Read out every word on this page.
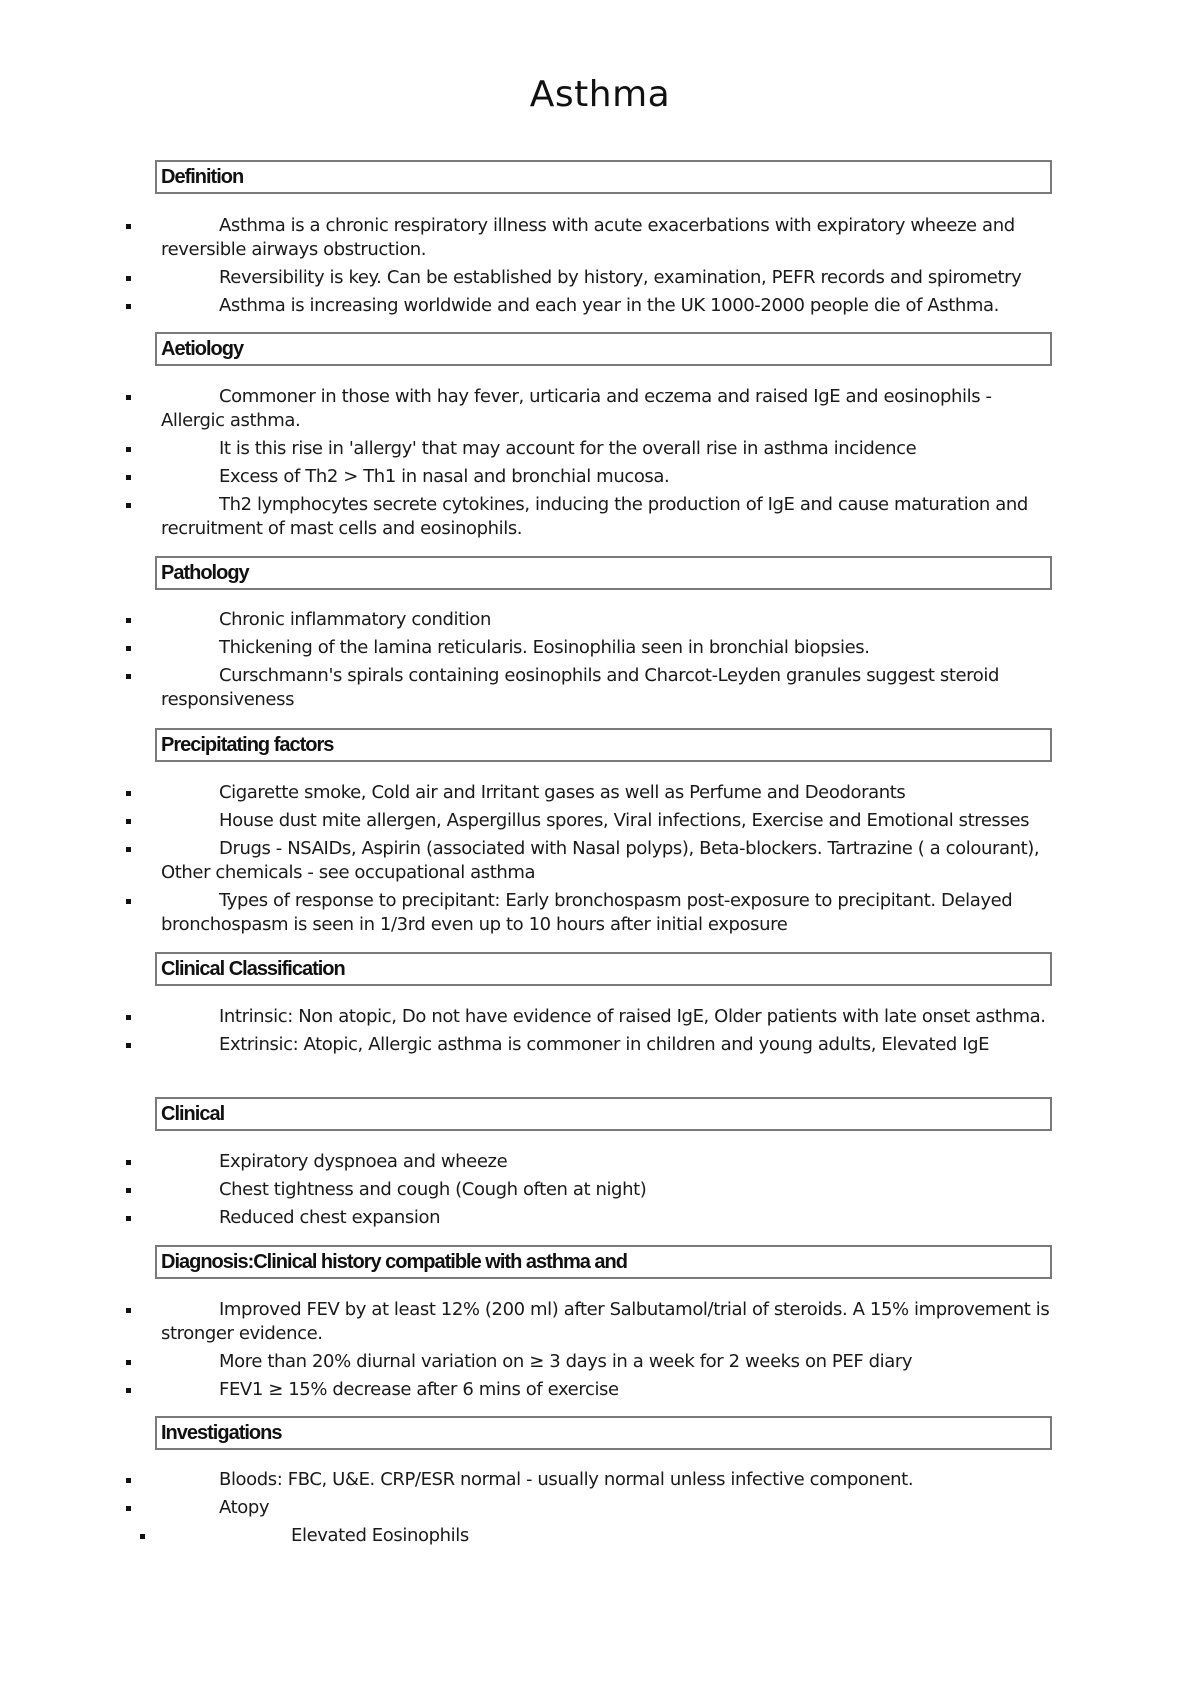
Asthma
Definition
Asthma is a chronic respiratory illness with acute exacerbations with expiratory wheeze and reversible airways obstruction.
Reversibility is key. Can be established by history, examination, PEFR records and spirometry
Asthma is increasing worldwide and each year in the UK 1000-2000 people die of Asthma.
Aetiology
Commoner in those with hay fever, urticaria and eczema and raised IgE and eosinophils - Allergic asthma.
It is this rise in 'allergy' that may account for the overall rise in asthma incidence
Excess of Th2 > Th1 in nasal and bronchial mucosa.
Th2 lymphocytes secrete cytokines, inducing the production of IgE and cause maturation and recruitment of mast cells and eosinophils.
Pathology
Chronic inflammatory condition
Thickening of the lamina reticularis. Eosinophilia seen in bronchial biopsies.
Curschmann's spirals containing eosinophils and Charcot-Leyden granules suggest steroid responsiveness
Precipitating factors
Cigarette smoke, Cold air and Irritant gases as well as Perfume and Deodorants
House dust mite allergen, Aspergillus spores, Viral infections, Exercise and Emotional stresses
Drugs - NSAIDs, Aspirin (associated with Nasal polyps), Beta-blockers. Tartrazine ( a colourant), Other chemicals - see occupational asthma
Types of response to precipitant: Early bronchospasm post-exposure to precipitant. Delayed bronchospasm is seen in 1/3rd even up to 10 hours after initial exposure
Clinical Classification
Intrinsic: Non atopic, Do not have evidence of raised IgE, Older patients with late onset asthma.
Extrinsic: Atopic, Allergic asthma is commoner in children and young adults, Elevated IgE
Clinical
Expiratory dyspnoea and wheeze
Chest tightness and cough (Cough often at night)
Reduced chest expansion
Diagnosis:Clinical history compatible with asthma and
Improved FEV by at least 12% (200 ml) after Salbutamol/trial of steroids. A 15% improvement is stronger evidence.
More than 20% diurnal variation on ≥ 3 days in a week for 2 weeks on PEF diary
FEV1 ≥ 15% decrease after 6 mins of exercise
Investigations
Bloods: FBC, U&E. CRP/ESR normal - usually normal unless infective component.
Atopy
Elevated Eosinophils
